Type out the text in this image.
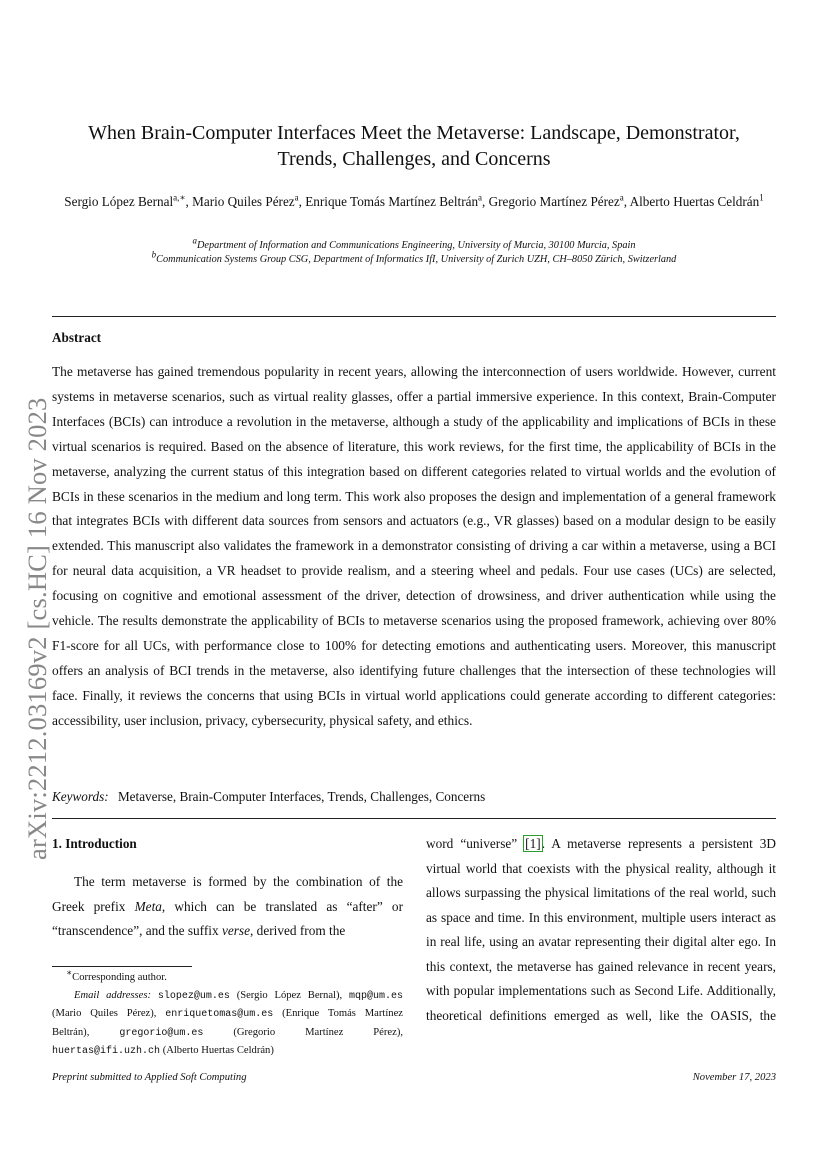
arXiv:2212.03169v2 [cs.HC] 16 Nov 2023
When Brain-Computer Interfaces Meet the Metaverse: Landscape, Demonstrator,
Trends, Challenges, and Concerns
Sergio López Bernal$^{a,∗}$, Mario Quiles Pérez$^a$, Enrique Tomás Martínez Beltrán$^a$, Gregorio Martínez Pérez$^a$, Alberto Huertas Celdrán$^1$
$^a$Department of Information and Communications Engineering, University of Murcia, 30100 Murcia, Spain
$^b$Communication Systems Group CSG, Department of Informatics IfI, University of Zurich UZH, CH–8050 Zürich, Switzerland
Abstract
The metaverse has gained tremendous popularity in recent years, allowing the interconnection of users worldwide. However, current systems in metaverse scenarios, such as virtual reality glasses, offer a partial immersive experience. In this context, Brain-Computer Interfaces (BCIs) can introduce a revolution in the metaverse, although a study of the applicability and implications of BCIs in these virtual scenarios is required. Based on the absence of literature, this work reviews, for the first time, the applicability of BCIs in the metaverse, analyzing the current status of this integration based on different categories related to virtual worlds and the evolution of BCIs in these scenarios in the medium and long term. This work also proposes the design and implementation of a general framework that integrates BCIs with different data sources from sensors and actuators (e.g., VR glasses) based on a modular design to be easily extended. This manuscript also validates the framework in a demonstrator consisting of driving a car within a metaverse, using a BCI for neural data acquisition, a VR headset to provide realism, and a steering wheel and pedals. Four use cases (UCs) are selected, focusing on cognitive and emotional assessment of the driver, detection of drowsiness, and driver authentication while using the vehicle. The results demonstrate the applicability of BCIs to metaverse scenarios using the proposed framework, achieving over 80% F1-score for all UCs, with performance close to 100% for detecting emotions and authenticating users. Moreover, this manuscript offers an analysis of BCI trends in the metaverse, also identifying future challenges that the intersection of these technologies will face. Finally, it reviews the concerns that using BCIs in virtual world applications could generate according to different categories: accessibility, user inclusion, privacy, cybersecurity, physical safety, and ethics.
Keywords: Metaverse, Brain-Computer Interfaces, Trends, Challenges, Concerns
1. Introduction
The term metaverse is formed by the combination of the Greek prefix Meta, which can be translated as “after” or “transcendence”, and the suffix verse, derived from the
∗Corresponding author.
Email addresses: slopez@um.es (Sergio López Bernal), mqp@um.es (Mario Quiles Pérez), enriquetomas@um.es (Enrique Tomás Martínez Beltrán), gregorio@um.es	(Gregorio Martínez Pérez), huertas@ifi.uzh.ch (Alberto Huertas Celdrán)
word “universe” [1]. A metaverse represents a persistent 3D virtual world that coexists with the physical reality, although it allows surpassing the physical limitations of the real world, such as space and time. In this environment, multiple users interact as in real life, using an avatar representing their digital alter ego. In this context, the metaverse has gained relevance in recent years, with popular implementations such as Second Life. Additionally, theoretical definitions emerged as well, like the OASIS, the
Preprint submitted to Applied Soft Computing	November 17, 2023
